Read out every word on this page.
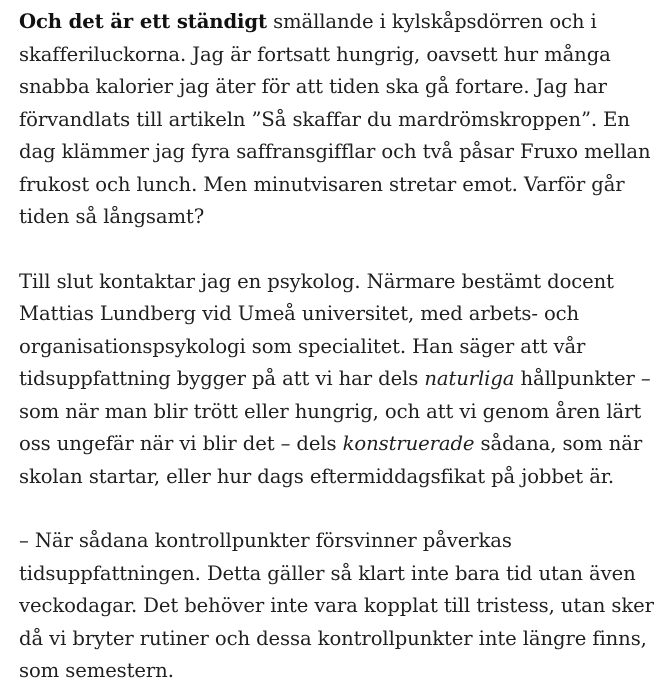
Och det är ett ständigt smällande i kylskåpsdörren och i skafferiluckorna. Jag är fortsatt hungrig, oavsett hur många snabba kalorier jag äter för att tiden ska gå fortare. Jag har förvandlats till artikeln ”Så skaffar du mardrömskroppen”. En dag klämmer jag fyra saffransgifflar och två påsar Fruxo mellan frukost och lunch. Men minutvisaren stretar emot. Varför går tiden så långsamt?

Till slut kontaktar jag en psykolog. Närmare bestämt docent Mattias Lundberg vid Umeå universitet, med arbets- och organisationspsykologi som specialitet. Han säger att vår tidsuppfattning bygger på att vi har dels naturliga hållpunkter – som när man blir trött eller hungrig, och att vi genom åren lärt oss ungefär när vi blir det – dels konstruerade sådana, som när skolan startar, eller hur dags eftermiddagsfikat på jobbet är.

– När sådana kontrollpunkter försvinner påverkas tidsuppfattningen. Detta gäller så klart inte bara tid utan även veckodagar. Det behöver inte vara kopplat till tristess, utan sker då vi bryter rutiner och dessa kontrollpunkter inte längre finns, som semestern.
